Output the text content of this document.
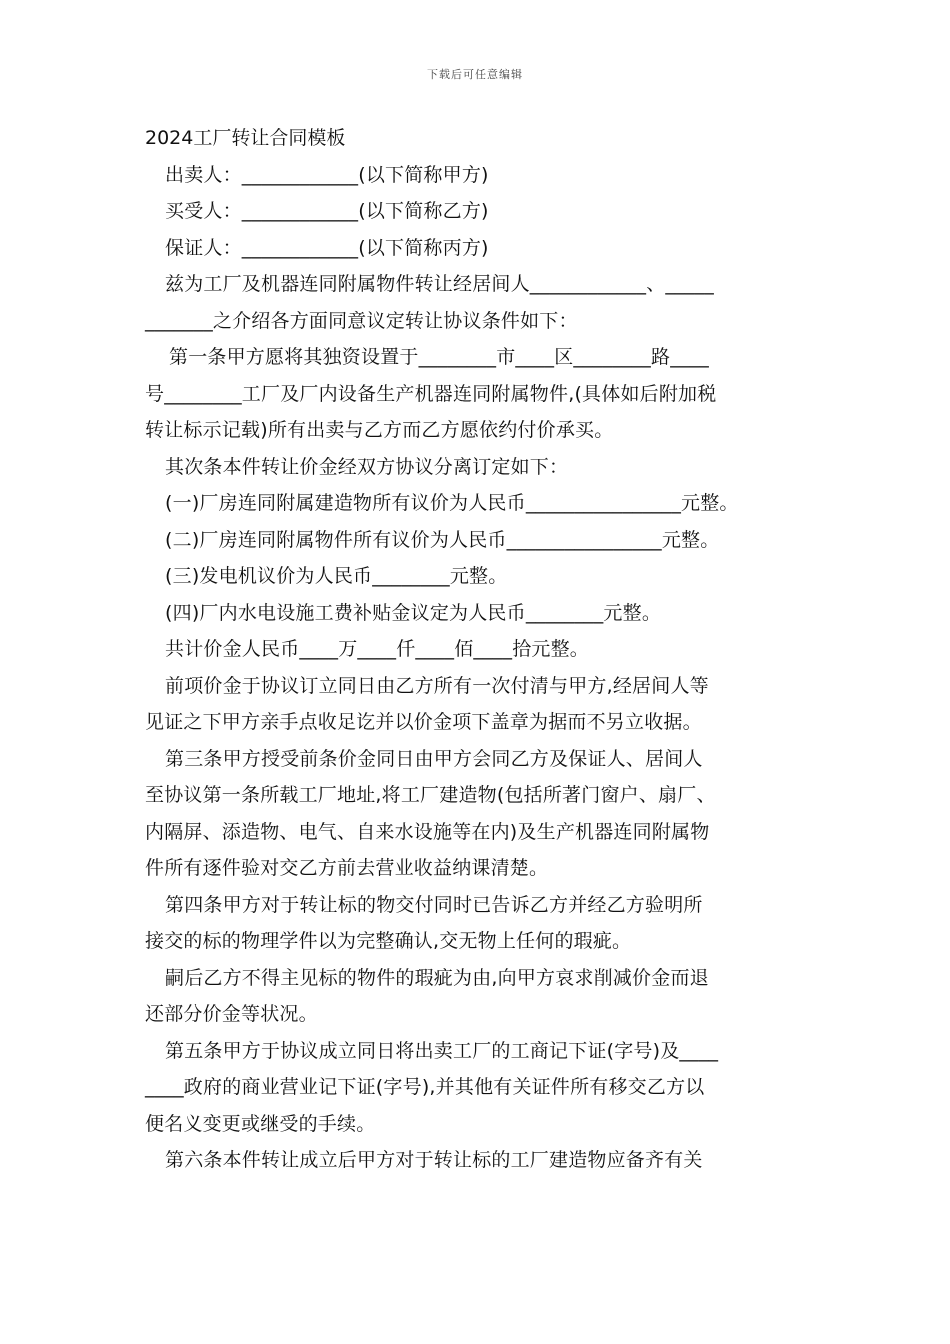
下载后可任意编辑
2024工厂转让合同模板
出卖人：____________(以下简称甲方)
买受人：____________(以下简称乙方)
保证人：____________(以下简称丙方)
兹为工厂及机器连同附属物件转让经居间人____________、_____
_______之介绍各方面同意议定转让协议条件如下：
第一条甲方愿将其独资设置于________市____区________路____
号________工厂及厂内设备生产机器连同附属物件,(具体如后附加税
转让标示记载)所有出卖与乙方而乙方愿依约付价承买。
其次条本件转让价金经双方协议分离订定如下：
(一)厂房连同附属建造物所有议价为人民币________________元整。
(二)厂房连同附属物件所有议价为人民币________________元整。
(三)发电机议价为人民币________元整。
(四)厂内水电设施工费补贴金议定为人民币________元整。
共计价金人民币____万____仟____佰____拾元整。
前项价金于协议订立同日由乙方所有一次付清与甲方,经居间人等
见证之下甲方亲手点收足讫并以价金项下盖章为据而不另立收据。
第三条甲方授受前条价金同日由甲方会同乙方及保证人、居间人
至协议第一条所载工厂地址,将工厂建造物(包括所著门窗户、扇厂、
内隔屏、添造物、电气、自来水设施等在内)及生产机器连同附属物
件所有逐件验对交乙方前去营业收益纳课清楚。
第四条甲方对于转让标的物交付同时已告诉乙方并经乙方验明所
接交的标的物理学件以为完整确认,交无物上任何的瑕疵。
嗣后乙方不得主见标的物件的瑕疵为由,向甲方哀求削减价金而退
还部分价金等状况。
第五条甲方于协议成立同日将出卖工厂的工商记下证(字号)及____
____政府的商业营业记下证(字号),并其他有关证件所有移交乙方以
便名义变更或继受的手续。
第六条本件转让成立后甲方对于转让标的工厂建造物应备齐有关
